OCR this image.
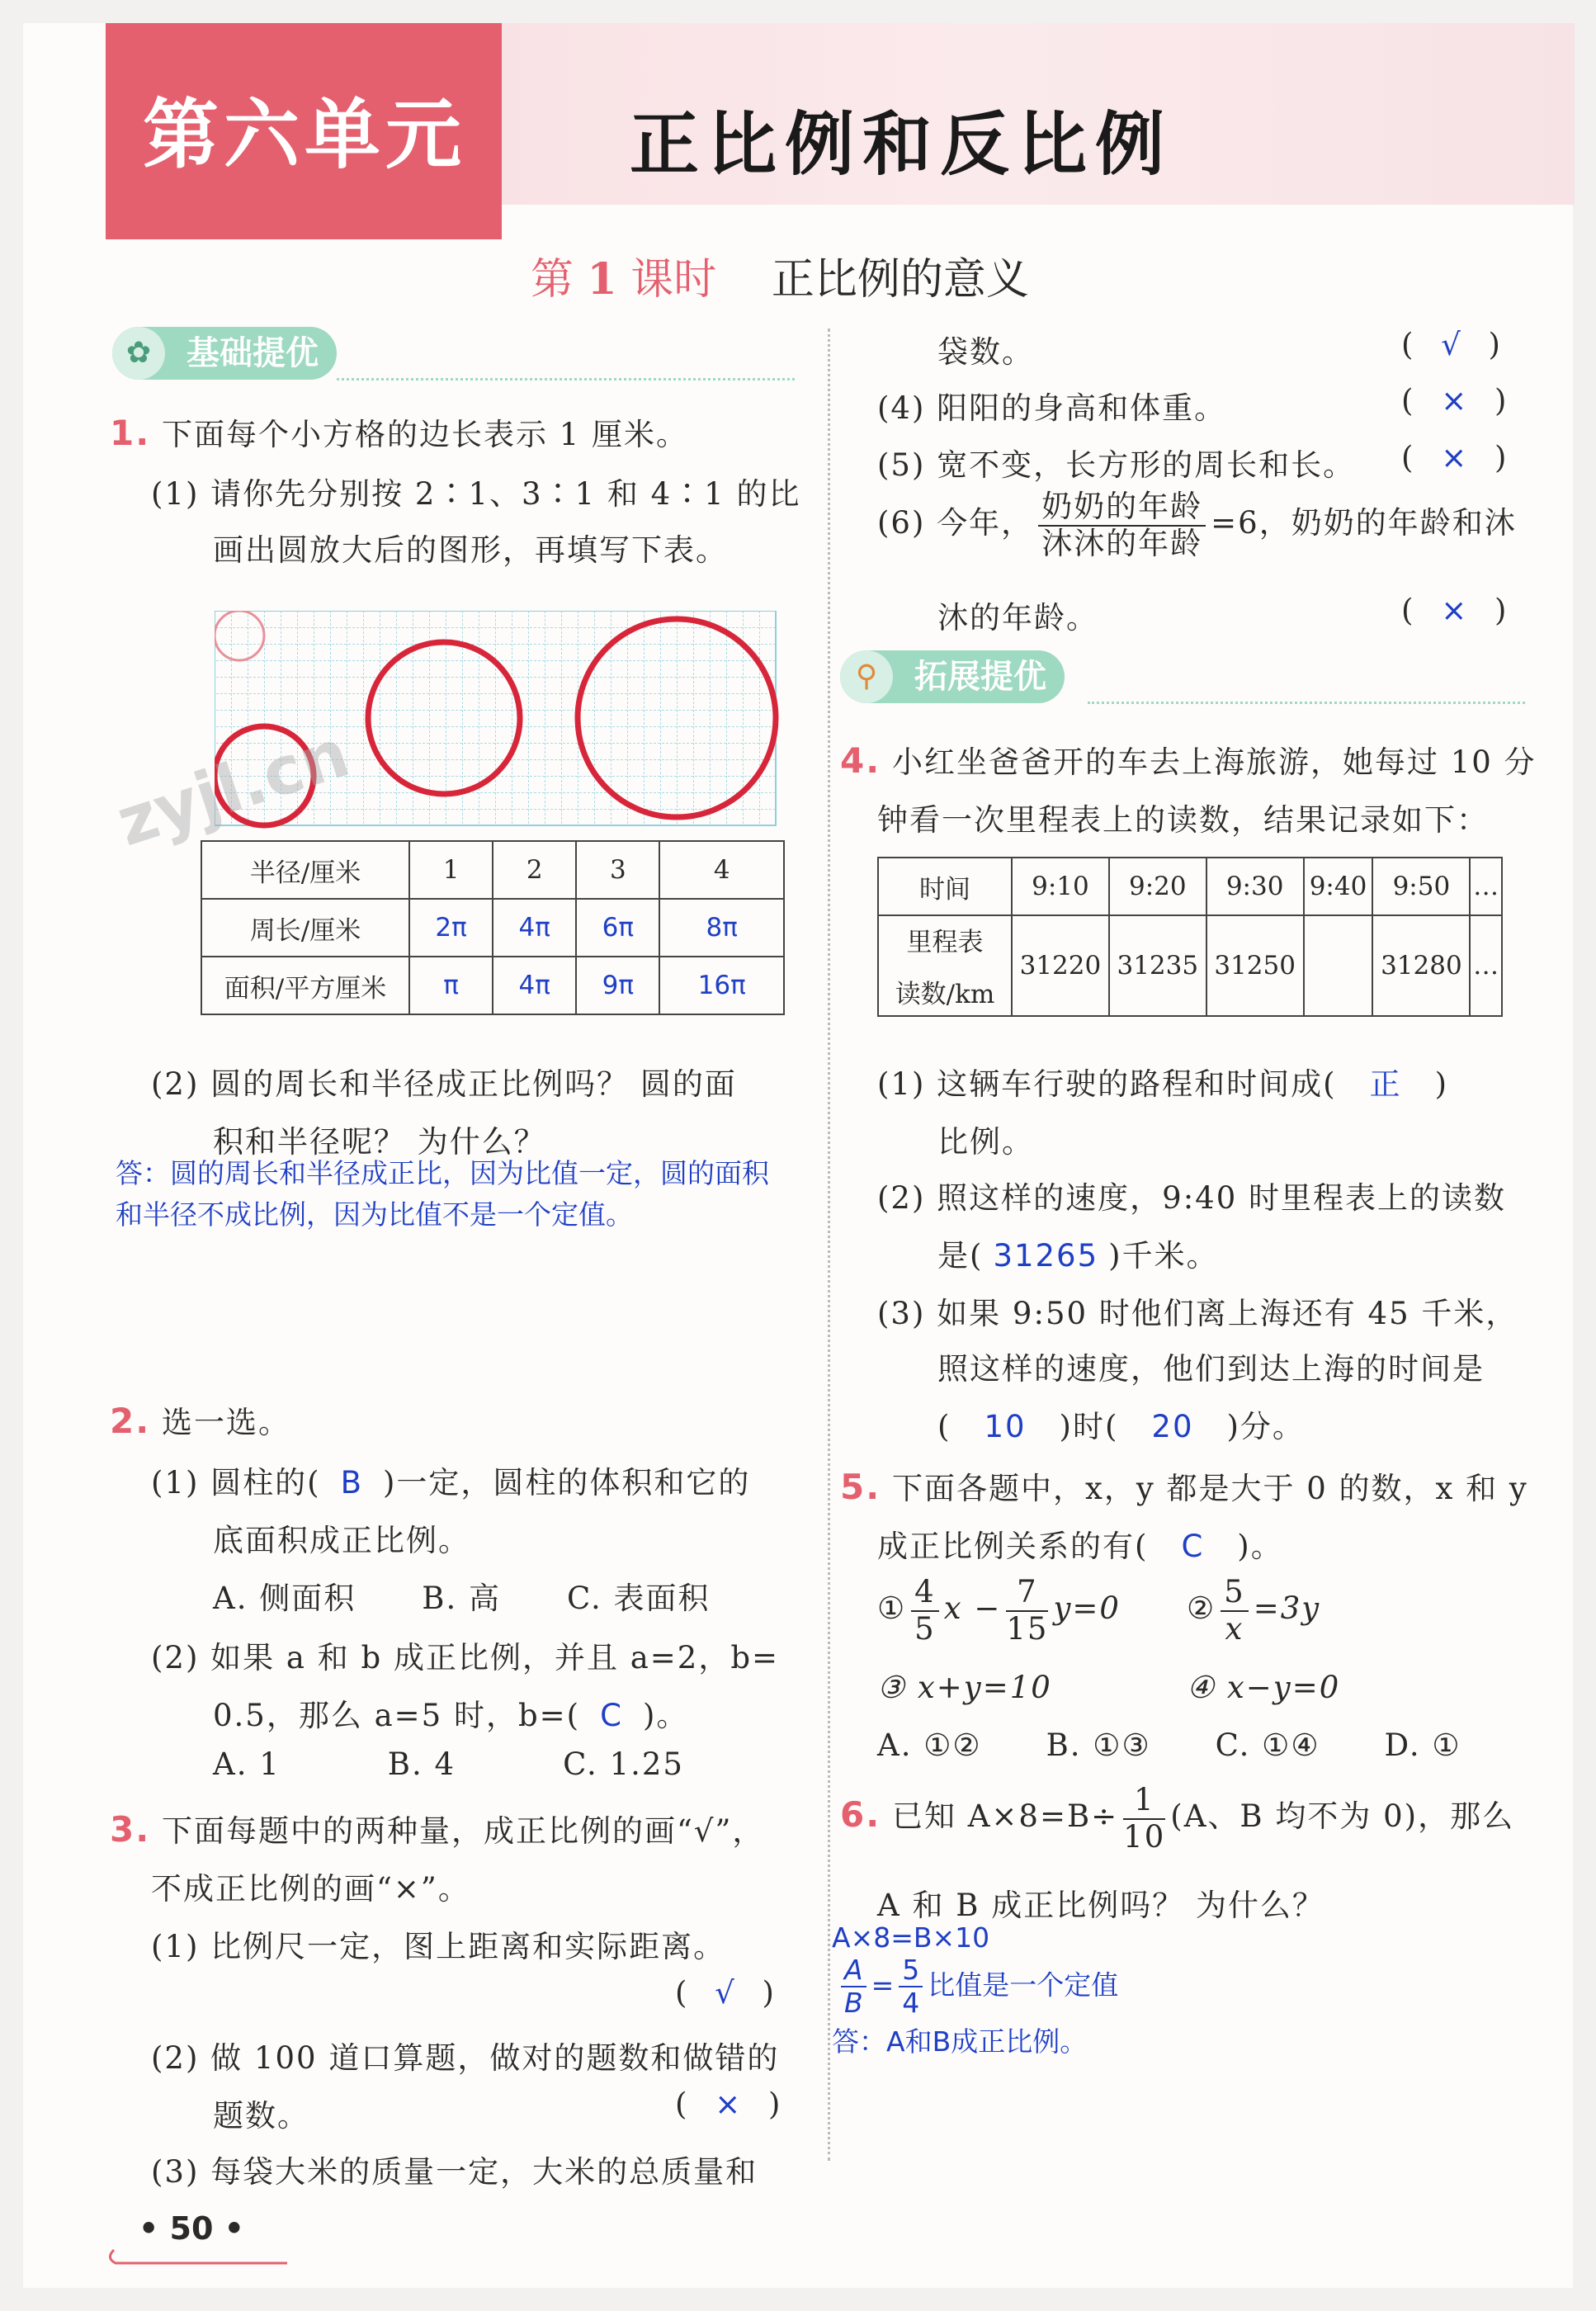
第六单元 正比例和反比例
第 1 课时 正比例的意义
基础提优
✿
1. 下面每个小方格的边长表示 1 厘米。
(1) 请你先分别按 2∶1、3∶1 和 4∶1 的比
画出圆放大后的图形，再填写下表。
zyjl.cn
半径/厘米	1	2	3	4
周长/厘米	2π	4π	6π	8π
面积/平方厘米	π	4π	9π	16π
(2) 圆的周长和半径成正比例吗？ 圆的面
积和半径呢？ 为什么？
答：圆的周长和半径成正比，因为比值一定，圆的面积
和半径不成比例，因为比值不是一个定值。
2. 选一选。
(1) 圆柱的( B )一定，圆柱的体积和它的
底面积成正比例。
A. 侧面积 B. 高 C. 表面积
(2) 如果 a 和 b 成正比例，并且 a=2，b=
0.5，那么 a=5 时，b=( C )。
A. 1	B. 4	C. 1.25
3. 下面每题中的两种量，成正比例的画“√”，
不成正比例的画“×”。
(1) 比例尺一定，图上距离和实际距离。
( √ )
(2) 做 100 道口算题，做对的题数和做错的
题数。	( × )
(3) 每袋大米的质量一定，大米的总质量和
• 50 •
袋数。	( √ )
(4) 阳阳的身高和体重。	( × )
(5) 宽不变，长方形的周长和长。 ( × )
(6) 今年， $\frac{\text{奶奶的年龄}}{\text{沐沐的年龄}} =6$，奶奶的年龄和沐
沐的年龄。	( × )
拓展提优
⚲
4. 小红坐爸爸开的车去上海旅游，她每过 10 分
钟看一次里程表上的读数，结果记录如下：
时间	9:10	9:20	9:30	9:40	9:50	…

里程表
读数/km	31220	31235	31250		31280	…
(1) 这辆车行驶的路程和时间成( 正 )
比例。
(2) 照这样的速度，9:40 时里程表上的读数
是( 31265 )千米。
(3) 如果 9:50 时他们离上海还有 45 千米，
照这样的速度，他们到达上海的时间是
( 10 )时( 20 )分。
5. 下面各题中，x，y 都是大于 0 的数，x 和 y
成正比例关系的有( C )。
① $\frac{4}{5}$ $x - \frac{7}{15} y=0$ ② $\frac{5}{x} =3y$
③ x+y=10	④ x−y=0
A. ①② B. ①③ C. ①④ D. ①
6. 已知 $A\times 8=B\div \frac{1}{10} (A$、B 均不为 0)，那么
A 和 B 成正比例吗？ 为什么？
A×8=B×10
$\frac{A}{B} = \frac{5}{4}$ 比值是一个定值
答：A和B成正比例。
